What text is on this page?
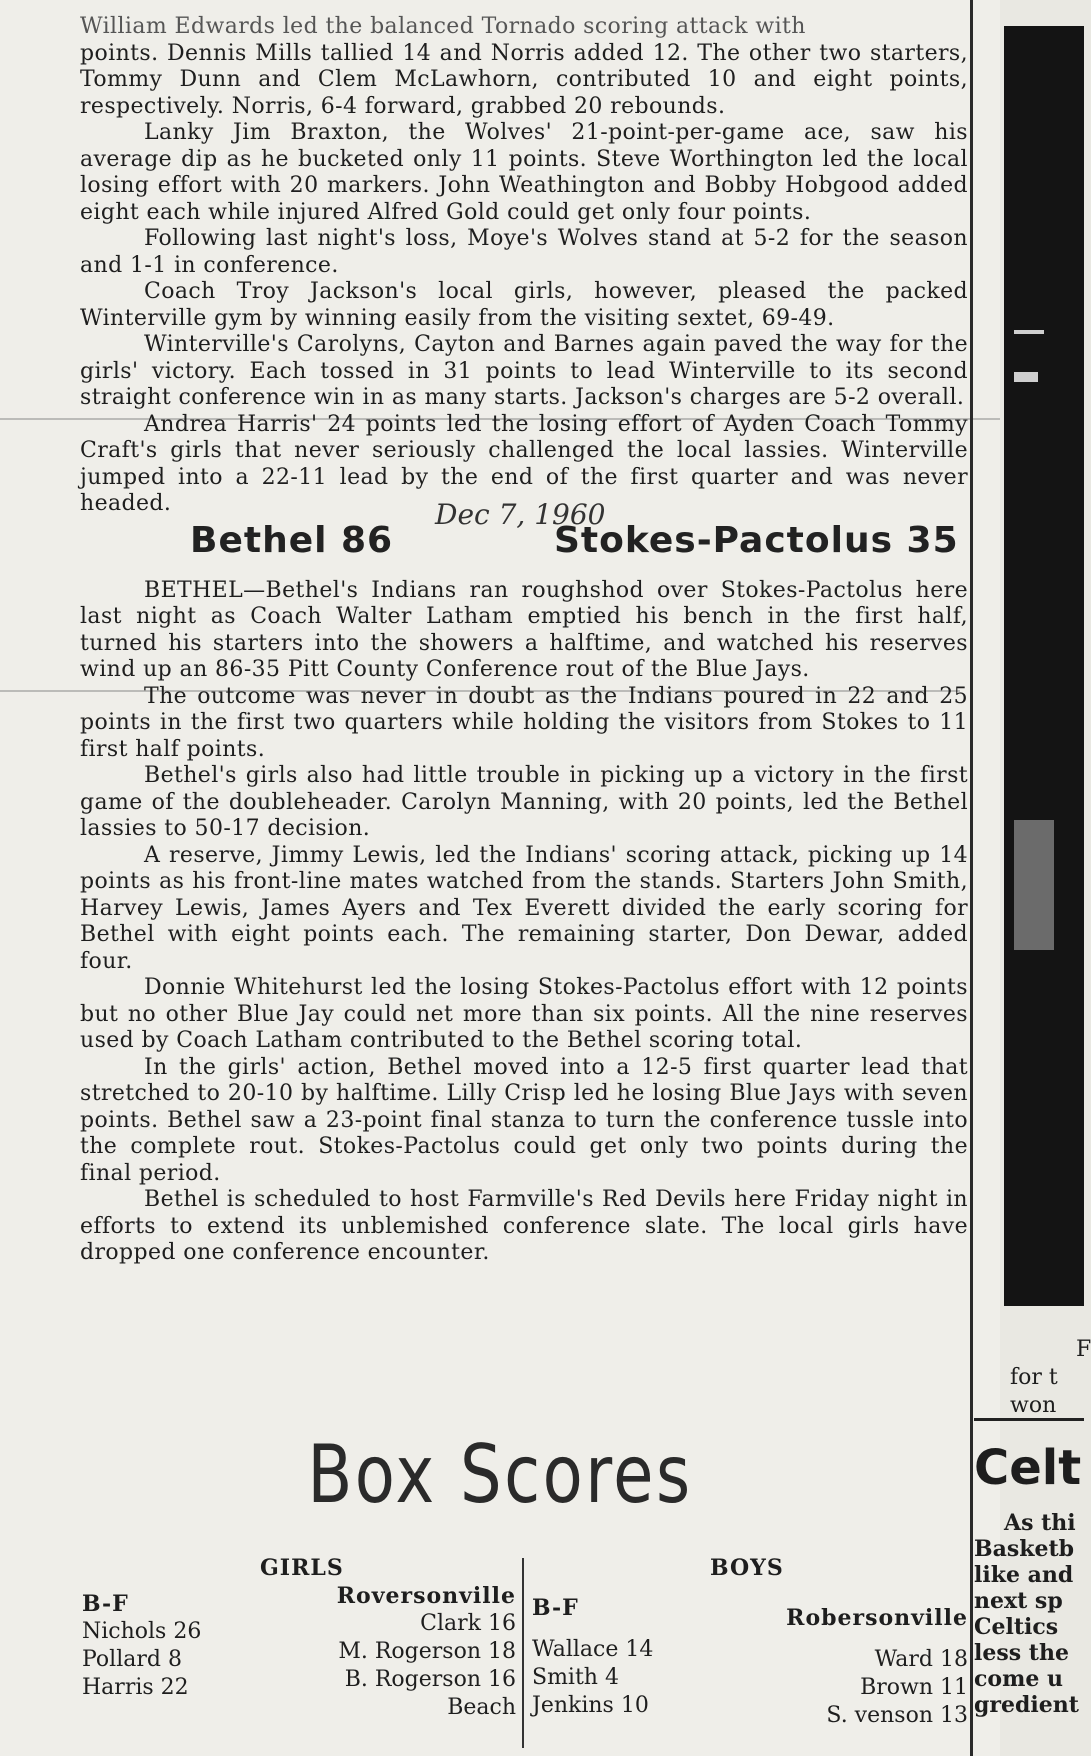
William Edwards led the balanced Tornado scoring attack with

points. Dennis Mills tallied 14 and Norris added 12. The other two starters, Tommy Dunn and Clem McLawhorn, contributed 10 and eight points, respectively. Norris, 6-4 forward, grabbed 20 rebounds.

Lanky Jim Braxton, the Wolves' 21-point-per-game ace, saw his average dip as he bucketed only 11 points. Steve Worthington led the local losing effort with 20 markers. John Weathington and Bobby Hobgood added eight each while injured Alfred Gold could get only four points.

Following last night's loss, Moye's Wolves stand at 5-2 for the season and 1-1 in conference.

Coach Troy Jackson's local girls, however, pleased the packed Winterville gym by winning easily from the visiting sextet, 69-49.

Winterville's Carolyns, Cayton and Barnes again paved the way for the girls' victory. Each tossed in 31 points to lead Winterville to its second straight conference win in as many starts. Jackson's charges are 5-2 overall.

Andrea Harris' 24 points led the losing effort of Ayden Coach Tommy Craft's girls that never seriously challenged the local lassies. Winterville jumped into a 22-11 lead by the end of the first quarter and was never headed.	Dec 7, 1960
Bethel 86	Stokes-Pactolus 35

BETHEL—Bethel's Indians ran roughshod over Stokes-Pactolus here last night as Coach Walter Latham emptied his bench in the first half, turned his starters into the showers a halftime, and watched his reserves wind up an 86-35 Pitt County Conference rout of the Blue Jays.

The outcome was never in doubt as the Indians poured in 22 and 25 points in the first two quarters while holding the visitors from Stokes to 11 first half points.

Bethel's girls also had little trouble in picking up a victory in the first game of the doubleheader. Carolyn Manning, with 20 points, led the Bethel lassies to 50-17 decision.

A reserve, Jimmy Lewis, led the Indians' scoring attack, picking up 14 points as his front-line mates watched from the stands. Starters John Smith, Harvey Lewis, James Ayers and Tex Everett divided the early scoring for Bethel with eight points each. The remaining starter, Don Dewar, added four.

Donnie Whitehurst led the losing Stokes-Pactolus effort with 12 points but no other Blue Jay could net more than six points. All the nine reserves used by Coach Latham contributed to the Bethel scoring total.

In the girls' action, Bethel moved into a 12-5 first quarter lead that stretched to 20-10 by halftime. Lilly Crisp led he losing Blue Jays with seven points. Bethel saw a 23-point final stanza to turn the conference tussle into the complete rout. Stokes-Pactolus could get only two points during the final period.

Bethel is scheduled to host Farmville's Red Devils here Friday night in efforts to extend its unblemished conference slate. The local girls have dropped one conference encounter.

F
for t
won
Celt
As thi
Basketb
like and
next sp
Celtics
less the
come u
gredient
Box Scores
GIRLS
B-F
Nichols 26
Pollard 8
Harris 22
Roversonville
Clark 16
M. Rogerson 18
B. Rogerson 16
Beach
BOYS
B-F
Wallace 14
Smith 4
Jenkins 10
Robersonville
Ward 18
Brown 11
S. venson 13
